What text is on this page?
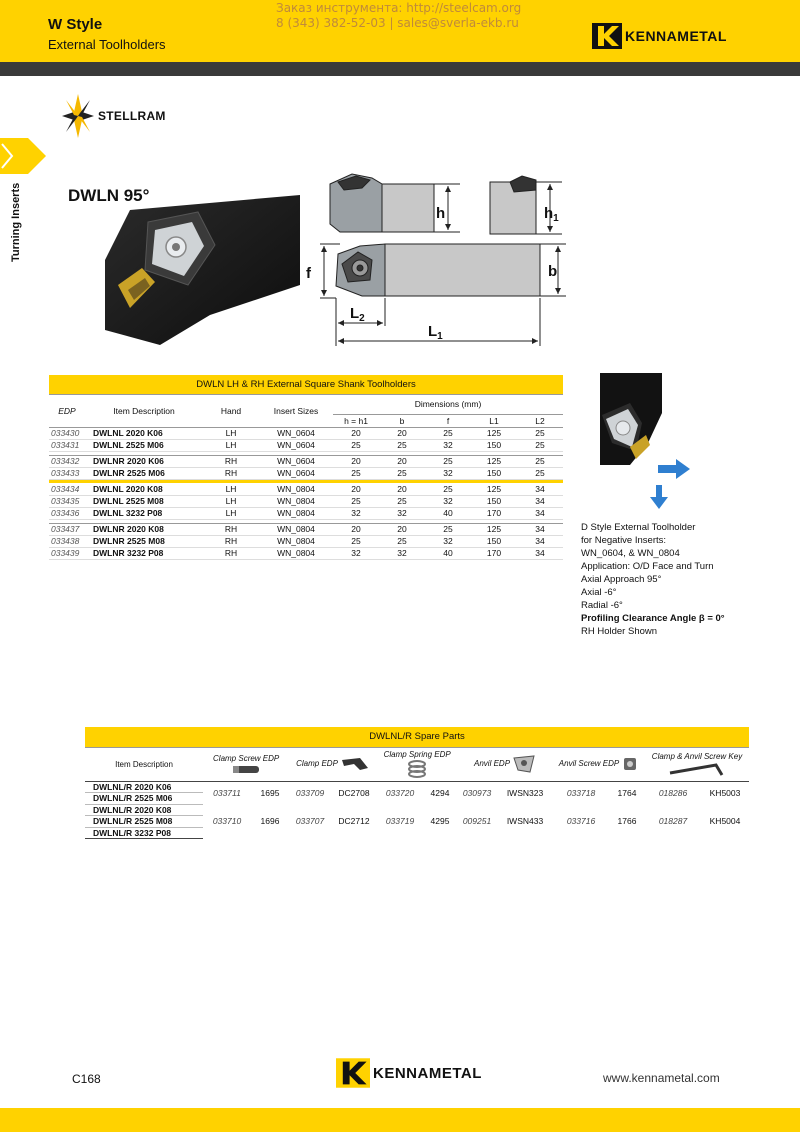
W Style
External Toolholders
Заказ инструмента: http://steelcam.org
8 (343) 382-52-03 | sales@sverla-ekb.ru
KENNAMETAL
Turning Inserts
STELLRAM
DWLN 95°
h	$h_1$
b
f
$L_2$
$L_1$
DWLN LH & RH External Square Shank Toolholders								
EDP	Item Description	Hand	Insert Sizes	Dimensions (mm)				
				h = h1	b	f	L1	L2
033430	DWLNL 2020 K06	LH	WN_0604	20	20	25	125	25
033431	DWLNL 2525 M06	LH	WN_0604	25	25	32	150	25

033432	DWLNR 2020 K06	RH	WN_0604	20	20	25	125	25
033433	DWLNR 2525 M06	RH	WN_0604	25	25	32	150	25

033434	DWLNL 2020 K08	LH	WN_0804	20	20	25	125	34
033435	DWLNL 2525 M08	LH	WN_0804	25	25	32	150	34
033436	DWLNL 3232 P08	LH	WN_0804	32	32	40	170	34

033437	DWLNR 2020 K08	RH	WN_0804	20	20	25	125	34
033438	DWLNR 2525 M08	RH	WN_0804	25	25	32	150	34
033439	DWLNR 3232 P08	RH	WN_0804	32	32	40	170	34
D Style External Toolholder
for Negative Inserts:
WN_0604, & WN_0804
Application: O/D Face and Turn
Axial Approach 95°
Axial -6°
Radial -6°
Profiling Clearance Angle β = 0°
RH Holder Shown
DWLNL/R Spare Parts												
Item Description	Clamp Screw EDP		Clamp EDP		Clamp Spring EDP		Anvil EDP		Anvil Screw EDP		Clamp & Anvil Screw Key	
DWLNL/R 2020 K06	033711	1695	033709	DC2708	033720	4294	030973	IWSN323	033718	1764	018286	KH5003
DWLNL/R 2525 M06												
DWLNL/R 2020 K08	033710	1696	033707	DC2712	033719	4295	009251	IWSN433	033716	1766	018287	KH5004
DWLNL/R 2525 M08												
DWLNL/R 3232 P08												
C168	KENNAMETAL	www.kennametal.com
